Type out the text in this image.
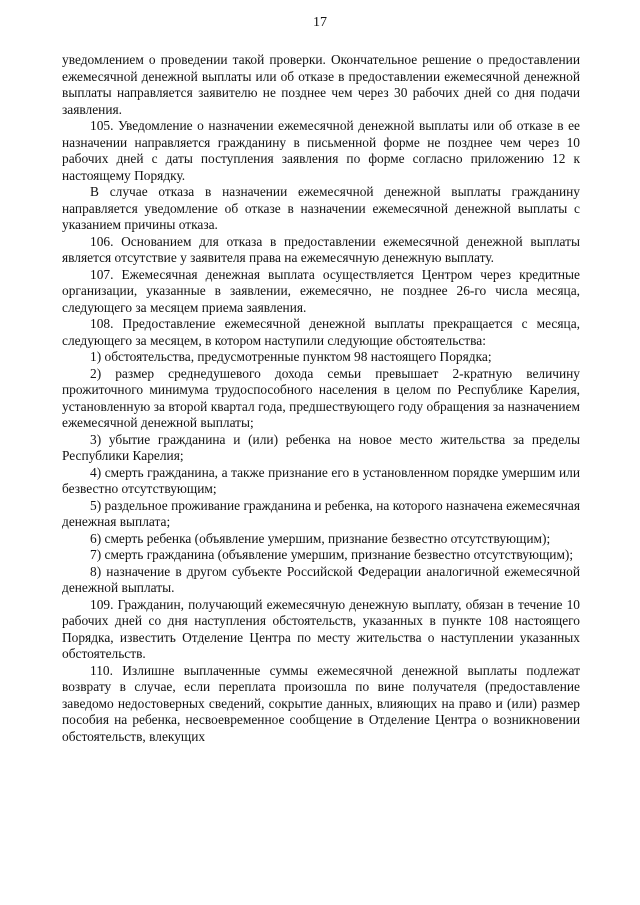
17

уведомлением о проведении такой проверки. Окончательное решение о предоставлении ежемесячной денежной выплаты или об отказе в предоставлении ежемесячной денежной выплаты направляется заявителю не позднее чем через 30 рабочих дней со дня подачи заявления.

105. Уведомление о назначении ежемесячной денежной выплаты или об отказе в ее назначении направляется гражданину в письменной форме не позднее чем через 10 рабочих дней с даты поступления заявления по форме согласно приложению 12 к настоящему Порядку.

В случае отказа в назначении ежемесячной денежной выплаты гражданину направляется уведомление об отказе в назначении ежемесячной денежной выплаты с указанием причины отказа.

106. Основанием для отказа в предоставлении ежемесячной денежной выплаты является отсутствие у заявителя права на ежемесячную денежную выплату.

107. Ежемесячная денежная выплата осуществляется Центром через кредитные организации, указанные в заявлении, ежемесячно, не позднее 26-го числа месяца, следующего за месяцем приема заявления.

108. Предоставление ежемесячной денежной выплаты прекращается с месяца, следующего за месяцем, в котором наступили следующие обстоятельства:

1) обстоятельства, предусмотренные пунктом 98 настоящего Порядка;

2) размер среднедушевого дохода семьи превышает 2-кратную величину прожиточного минимума трудоспособного населения в целом по Республике Карелия, установленную за второй квартал года, предшествующего году обращения за назначением ежемесячной денежной выплаты;

3) убытие гражданина и (или) ребенка на новое место жительства за пределы Республики Карелия;

4) смерть гражданина, а также признание его в установленном порядке умершим или безвестно отсутствующим;

5) раздельное проживание гражданина и ребенка, на которого назначена ежемесячная денежная выплата;

6) смерть ребенка (объявление умершим, признание безвестно отсутствующим);

7) смерть гражданина (объявление умершим, признание безвестно отсутствующим);

8) назначение в другом субъекте Российской Федерации аналогичной ежемесячной денежной выплаты.

109. Гражданин, получающий ежемесячную денежную выплату, обязан в течение 10 рабочих дней со дня наступления обстоятельств, указанных в пункте 108 настоящего Порядка, известить Отделение Центра по месту жительства о наступлении указанных обстоятельств.

110. Излишне выплаченные суммы ежемесячной денежной выплаты подлежат возврату в случае, если переплата произошла по вине получателя (предоставление заведомо недостоверных сведений, сокрытие данных, влияющих на право и (или) размер пособия на ребенка, несвоевременное сообщение в Отделение Центра о возникновении обстоятельств, влекущих
